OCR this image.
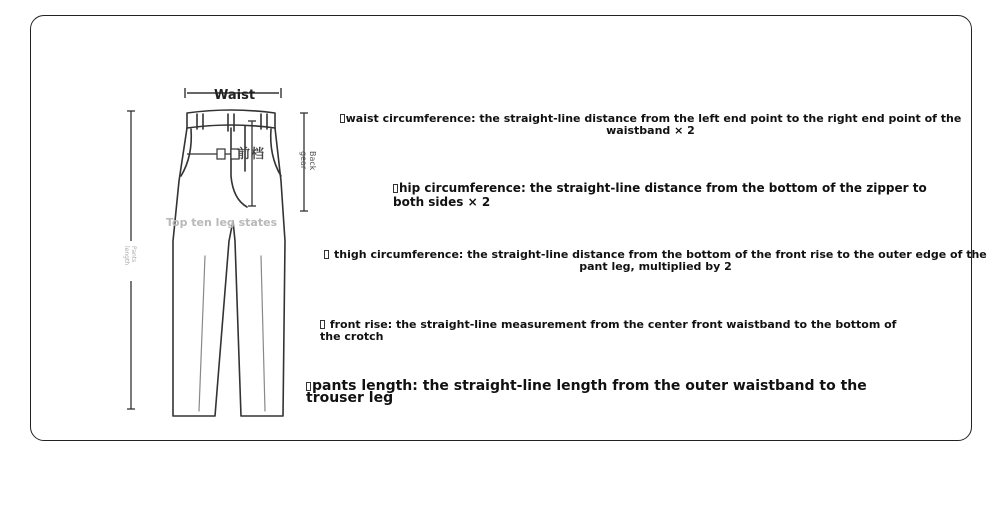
Waist
前档	Back gear
Top ten leg states
Pants length
waist circumference: the straight-line distance from the left end point to the right end point of the waistband × 2
hip circumference: the straight-line distance from the bottom of the zipper to both sides × 2
thigh circumference: the straight-line distance from the bottom of the front rise to the outer edge of the pant leg, multiplied by 2
front rise: the straight-line measurement from the center front waistband to the bottom of the crotch
pants length: the straight-line length from the outer waistband to the trouser leg
